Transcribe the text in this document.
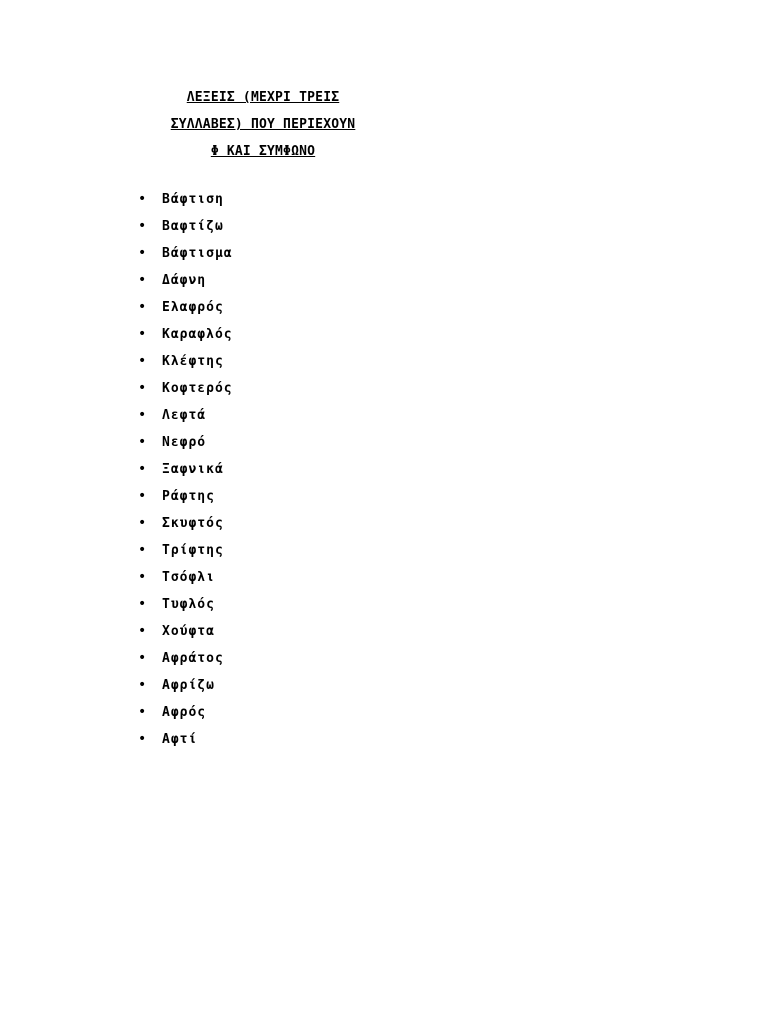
ΛΕΞΕΙΣ (ΜΕΧΡΙ ΤΡΕΙΣ
ΣΥΛΛΑΒΕΣ) ΠΟΥ ΠΕΡΙΕΧΟΥΝ
Φ ΚΑΙ ΣΥΜΦΩΝΟ
•	Βάφτιση
•	Βαφτίζω
•	Βάφτισμα
•	Δάφνη
•	Ελαφρός
•	Καραφλός
•	Κλέφτης
•	Κοφτερός
•	Λεφτά
•	Νεφρό
•	Ξαφνικά
•	Ράφτης
•	Σκυφτός
•	Τρίφτης
•	Τσόφλι
•	Τυφλός
•	Χούφτα
•	Αφράτος
•	Αφρίζω
•	Αφρός
•	Αφτί
